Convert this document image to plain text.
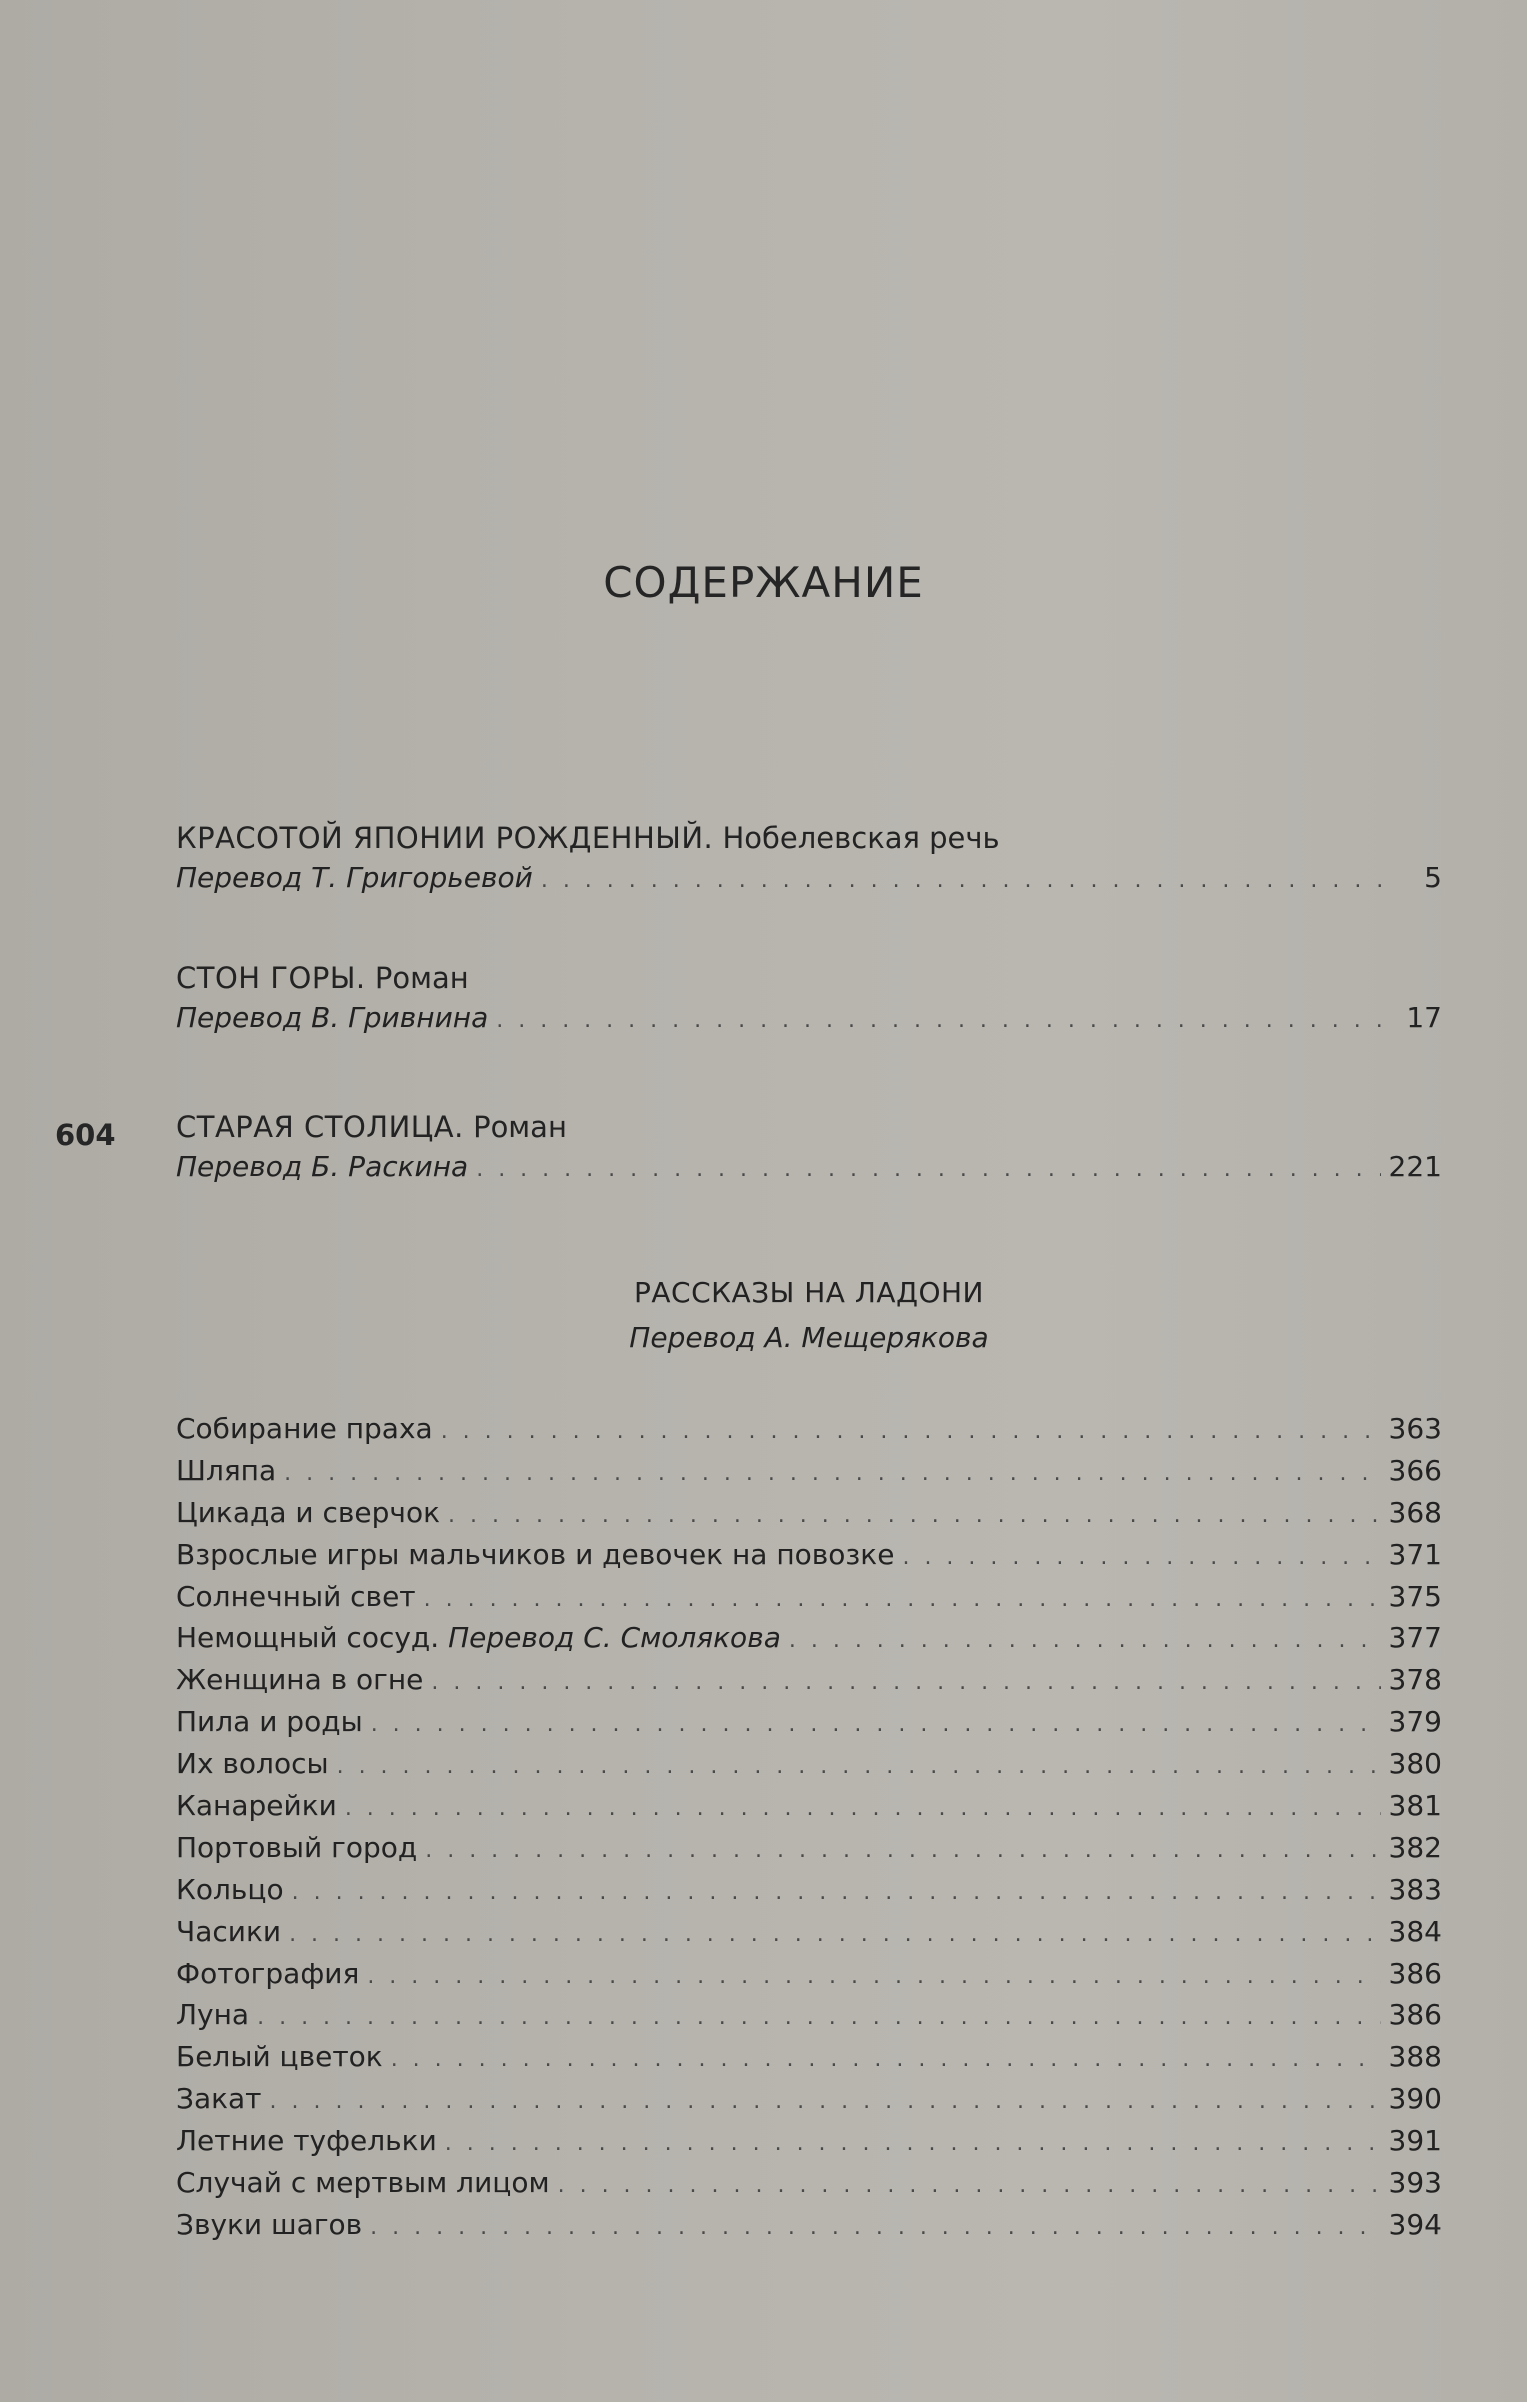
СОДЕРЖАНИЕ
604
КРАСОТОЙ ЯПОНИИ РОЖДЕННЫЙ. Нобелевская речь
Перевод Т. Григорьевой . . .	5
СТОН ГОРЫ. Роман
Перевод В. Гривнина . . .	17
СТАРАЯ СТОЛИЦА. Роман
Перевод Б. Раскина . . .	221
РАССКАЗЫ НА ЛАДОНИ
Перевод А. Мещерякова
Собирание праха . . .	363
Шляпа . . .	366
Цикада и сверчок . . .	368
Взрослые игры мальчиков и девочек на повозке . . .	371
Солнечный свет . . .	375
Немощный сосуд. Перевод С. Смолякова . . .	377
Женщина в огне . . .	378
Пила и роды . . .	379
Их волосы . . .	380
Канарейки . . .	381
Портовый город . . .	382
Кольцо . . .	383
Часики . . .	384
Фотография . . .	386
Луна . . .	386
Белый цветок . . .	388
Закат . . .	390
Летние туфельки . . .	391
Случай с мертвым лицом . . .	393
Звуки шагов . . .	394
